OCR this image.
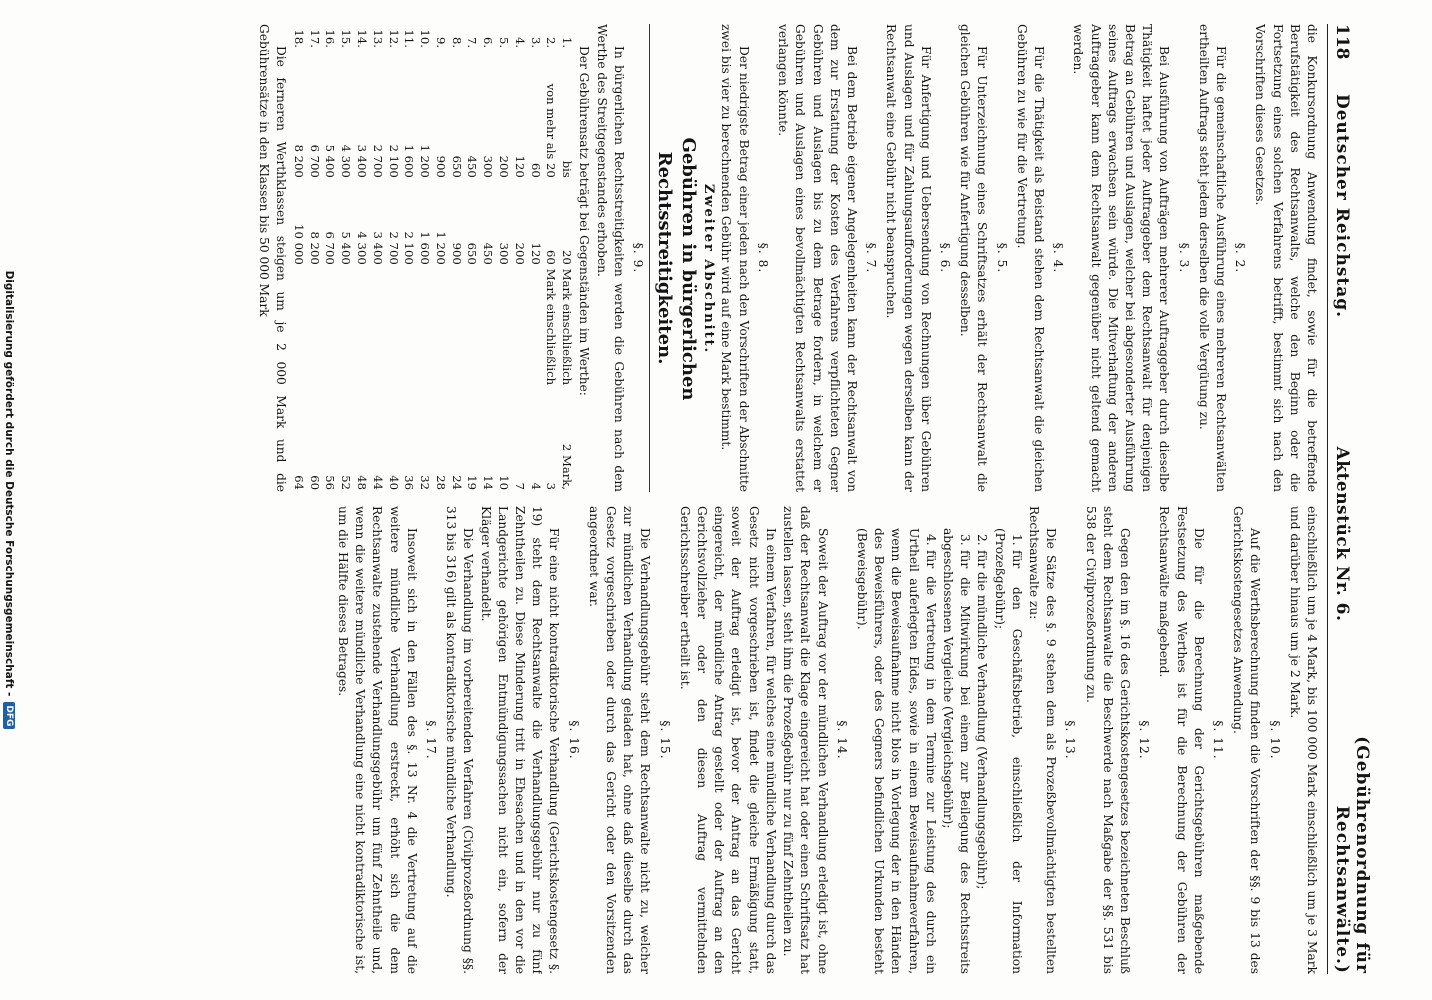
118
Deutscher Reichstag.
Aktenstück Nr. 6.
(Gebührenordnung für Rechtsanwälte.)

die Konkursordnung Anwendung findet, sowie für die betreffende Berufstätigkeit des Rechtsanwalts, welche den Beginn oder die Fortsetzung eines solchen Verfahrens betrifft, bestimmt sich nach den Vorschriften dieses Gesetzes.

§. 2.

Für die gemeinschaftliche Ausführung eines mehreren Rechtsanwälten ertheilten Auftrags steht jedem derselben die volle Vergütung zu.

§. 3.

Bei Ausführung von Aufträgen mehrerer Auftraggeber durch dieselbe Thätigkeit haftet jeder Auftraggeber dem Rechtsanwalt für denjenigen Betrag an Gebühren und Auslagen, welcher bei abgesonderter Ausführung seines Auftrags erwachsen sein würde. Die Mitverhaftung der anderen Auftraggeber kann dem Rechtsanwalt gegenüber nicht geltend gemacht werden.

§. 4.

Für die Thätigkeit als Beistand stehen dem Rechtsanwalt die gleichen Gebühren zu wie für die Vertretung.

§. 5.

Für Unterzeichnung eines Schriftsatzes erhält der Rechtsanwalt die gleichen Gebühren wie für Anfertigung desselben.

§. 6.

Für Anfertigung und Uebersendung von Rechnungen über Gebühren und Auslagen und für Zahlungsaufforderungen wegen derselben kann der Rechtsanwalt eine Gebühr nicht beanspruchen.

§. 7.

Bei dem Betrieb eigener Angelegenheiten kann der Rechtsanwalt von dem zur Erstattung der Kosten des Verfahrens verpflichteten Gegner Gebühren und Auslagen bis zu dem Betrage fordern, in welchem er Gebühren und Auslagen eines bevollmächtigten Rechtsanwalts erstattet verlangen könnte.

§. 8.

Der niedrigste Betrag einer jeden nach den Vorschriften der Abschnitte zwei bis vier zu berechnenden Gebühr wird auf eine Mark bestimmt.

Zweiter Abschnitt.

Gebühren in bürgerlichen Rechtsstreitigkeiten.

§. 9.

In bürgerlichen Rechtsstreitigkeiten werden die Gebühren nach dem Werthe des Streitgegenstandes erhoben.

Der Gebührensatz beträgt bei Gegenständen im Werthe:

1.	bis		20	Mark einschließlich	2 Mark,
2.	von mehr als 20		60	Mark einschließlich	3
3.	60		120		4
4.	120		200		7
5.	200		300		10
6.	300		450		14
7.	450		650		19
8.	650		900		24
9.	900		1 200		28
10.	1 200		1 600		32
11.	1 600		2 100		36
12.	2 100		2 700		40
13.	2 700		3 400		44
14.	3 400		4 300		48
15.	4 300		5 400		52
16.	5 400		6 700		56
17.	6 700		8 200		60
18.	8 200		10 000		64

Die ferneren Werthklassen steigen um je 2 000 Mark und die Gebührensätze in den Klassen bis 50 000 Mark

einschließlich um je 4 Mark, bis 100 000 Mark einschließlich um je 3 Mark und darüber hinaus um je 2 Mark.

§. 10.

Auf die Werthsberechnung finden die Vorschriften der §§. 9 bis 13 des Gerichtskostengesetzes Anwendung.

§. 11.

Die für die Berechnung der Gerichtsgebühren maßgebende Festsetzung des Werthes ist für die Berechnung der Gebühren der Rechtsanwälte maßgebend.

§. 12.

Gegen den im §. 16 des Gerichtskostengesetzes bezeichneten Beschluß steht dem Rechtsanwalte die Beschwerde nach Maßgabe der §§. 531 bis 538 der Civilprozeßordnung zu.

§. 13.

Die Sätze des §. 9 stehen dem als Prozeßbevollmächtigten bestellten Rechtsanwalte zu:

1.
für den Geschäftsbetrieb, einschließlich der Information (Prozeßgebühr);

2.
für die mündliche Verhandlung (Verhandlungsgebühr);

3.
für die Mitwirkung bei einem zur Beilegung des Rechtsstreits abgeschlossenen Vergleiche (Vergleichsgebühr);

4.
für die Vertretung in dem Termine zur Leistung des durch ein Urtheil auferlegten Eides, sowie in einem Beweisaufnahmeverfahren, wenn die Beweisaufnahme nicht blos in Vorlegung der in den Händen des Beweisführers, oder des Gegners befindlichen Urkunden besteht (Beweisgebühr).

§. 14.

Soweit der Auftrag vor der mündlichen Verhandlung erledigt ist, ohne daß der Rechtsanwalt die Klage eingereicht hat oder einen Schriftsatz hat zustellen lassen, steht ihm die Prozeßgebühr nur zu fünf Zehntheilen zu.

In einem Verfahren, für welches eine mündliche Verhandlung durch das Gesetz nicht vorgeschrieben ist, findet die gleiche Ermäßigung statt, soweit der Auftrag erledigt ist, bevor der Antrag an das Gericht eingereicht, der mündliche Antrag gestellt oder der Auftrag an den Gerichtsvollzieher oder den diesen Auftrag vermittelnden Gerichtsschreiber ertheilt ist.

§. 15.

Die Verhandlungsgebühr steht dem Rechtsanwalte nicht zu, welcher zur mündlichen Verhandlung geladen hat, ohne daß dieselbe durch das Gesetz vorgeschrieben oder durch das Gericht oder den Vorsitzenden angeordnet war.

§. 16.

Für eine nicht kontradiktorische Verhandlung (Gerichtskostengesetz §. 19) steht dem Rechtsanwalte die Verhandlungsgebühr nur zu fünf Zehntheilen zu. Diese Minderung tritt in Ehesachen und in den vor die Landgerichte gehörigen Entmündigungssachen nicht ein, sofern der Kläger verhandelt.

Die Verhandlung im vorbereitenden Verfahren (Civilprozeßordnung §§. 313 bis 316) gilt als kontradiktorische mündliche Verhandlung.

§. 17.

Insoweit sich in den Fällen des §. 13 Nr. 4 die Vertretung auf die weitere mündliche Verhandlung erstreckt, erhöht sich die dem Rechtsanwalte zustehende Verhandlungsgebühr um fünf Zehntheile und, wenn die weitere mündliche Verhandlung eine nicht kontradiktorische ist, um die Hälfte dieses Betrages.

Digitalisierung gefördert durch die Deutsche Forschungsgemeinschaft -
DFG
